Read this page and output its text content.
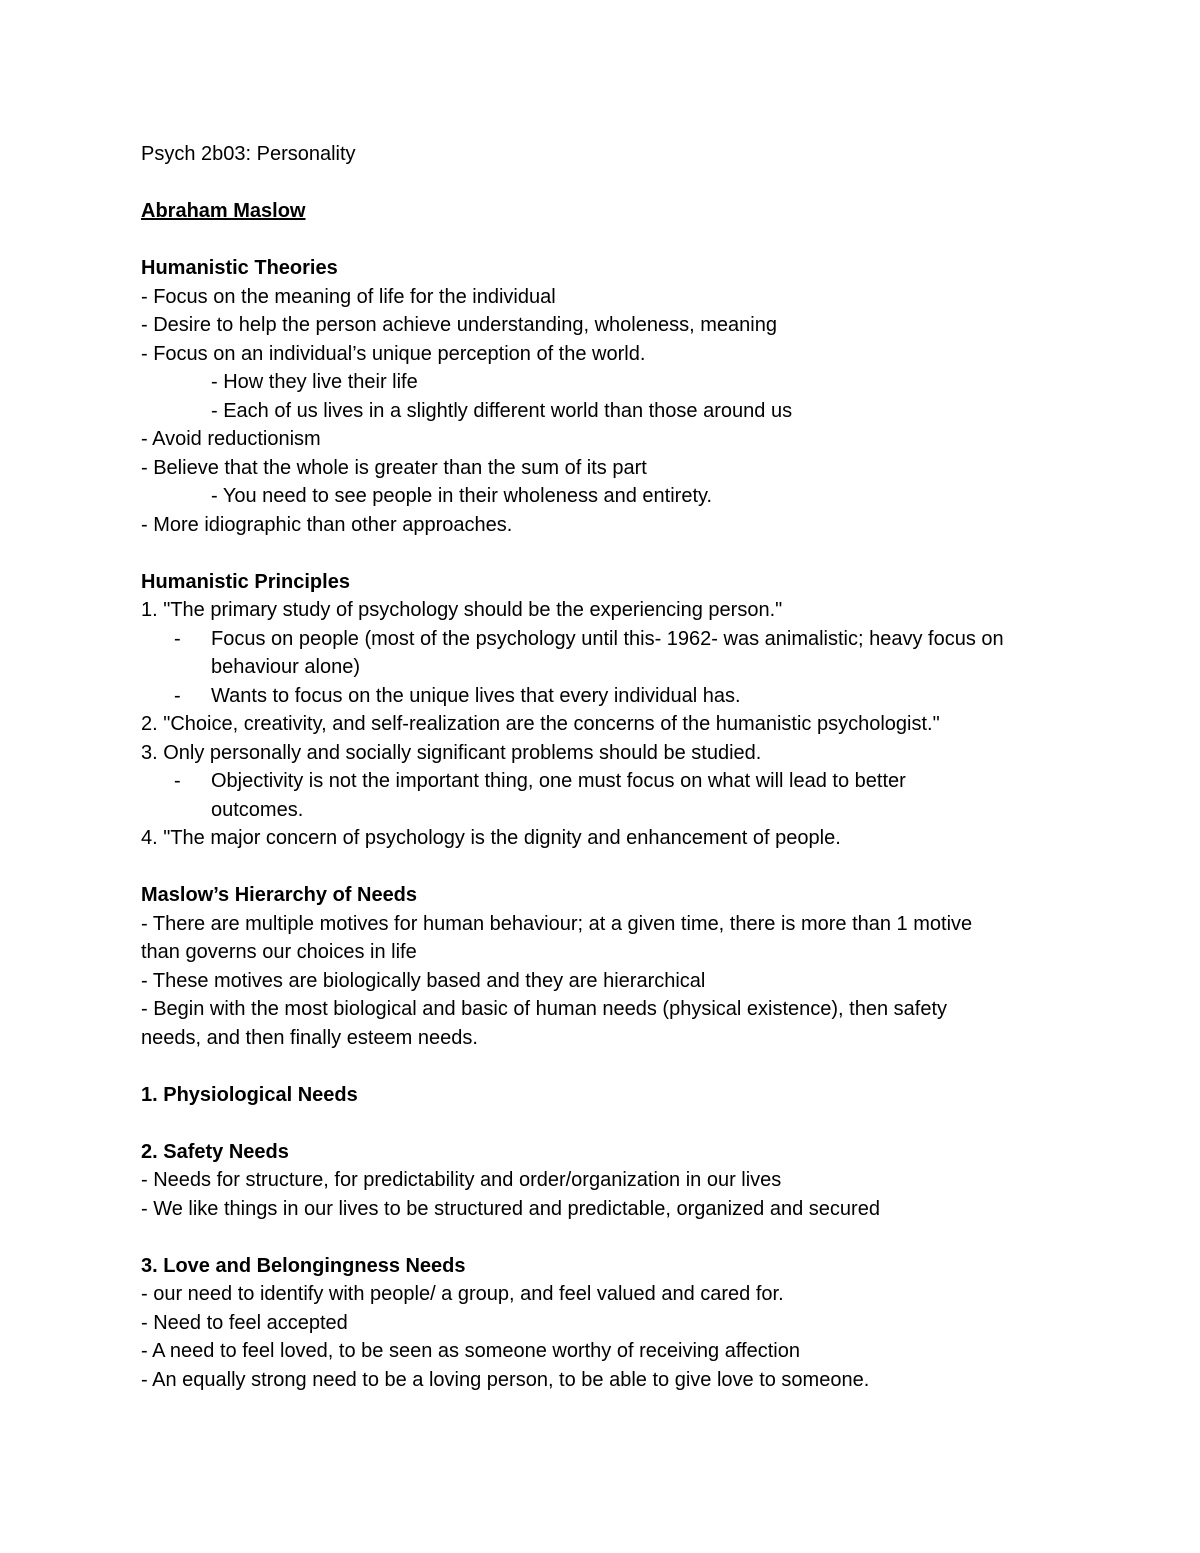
Psych 2b03: Personality
Abraham Maslow
Humanistic Theories
- Focus on the meaning of life for the individual
- Desire to help the person achieve understanding, wholeness, meaning
- Focus on an individual’s unique perception of the world.
- How they live their life
- Each of us lives in a slightly different world than those around us
- Avoid reductionism
- Believe that the whole is greater than the sum of its part
- You need to see people in their wholeness and entirety.
- More idiographic than other approaches.
Humanistic Principles
1. "The primary study of psychology should be the experiencing person."
-	Focus on people (most of the psychology until this- 1962- was animalistic; heavy focus on behaviour alone)
-	Wants to focus on the unique lives that every individual has.
2. "Choice, creativity, and self-realization are the concerns of the humanistic psychologist."
3. Only personally and socially significant problems should be studied.
-	Objectivity is not the important thing, one must focus on what will lead to better outcomes.
4. "The major concern of psychology is the dignity and enhancement of people.
Maslow’s Hierarchy of Needs
- There are multiple motives for human behaviour; at a given time, there is more than 1 motive
than governs our choices in life
- These motives are biologically based and they are hierarchical
- Begin with the most biological and basic of human needs (physical existence), then safety
needs, and then finally esteem needs.
1. Physiological Needs
2. Safety Needs
- Needs for structure, for predictability and order/organization in our lives
- We like things in our lives to be structured and predictable, organized and secured
3. Love and Belongingness Needs
- our need to identify with people/ a group, and feel valued and cared for.
- Need to feel accepted
- A need to feel loved, to be seen as someone worthy of receiving affection
- An equally strong need to be a loving person, to be able to give love to someone.
